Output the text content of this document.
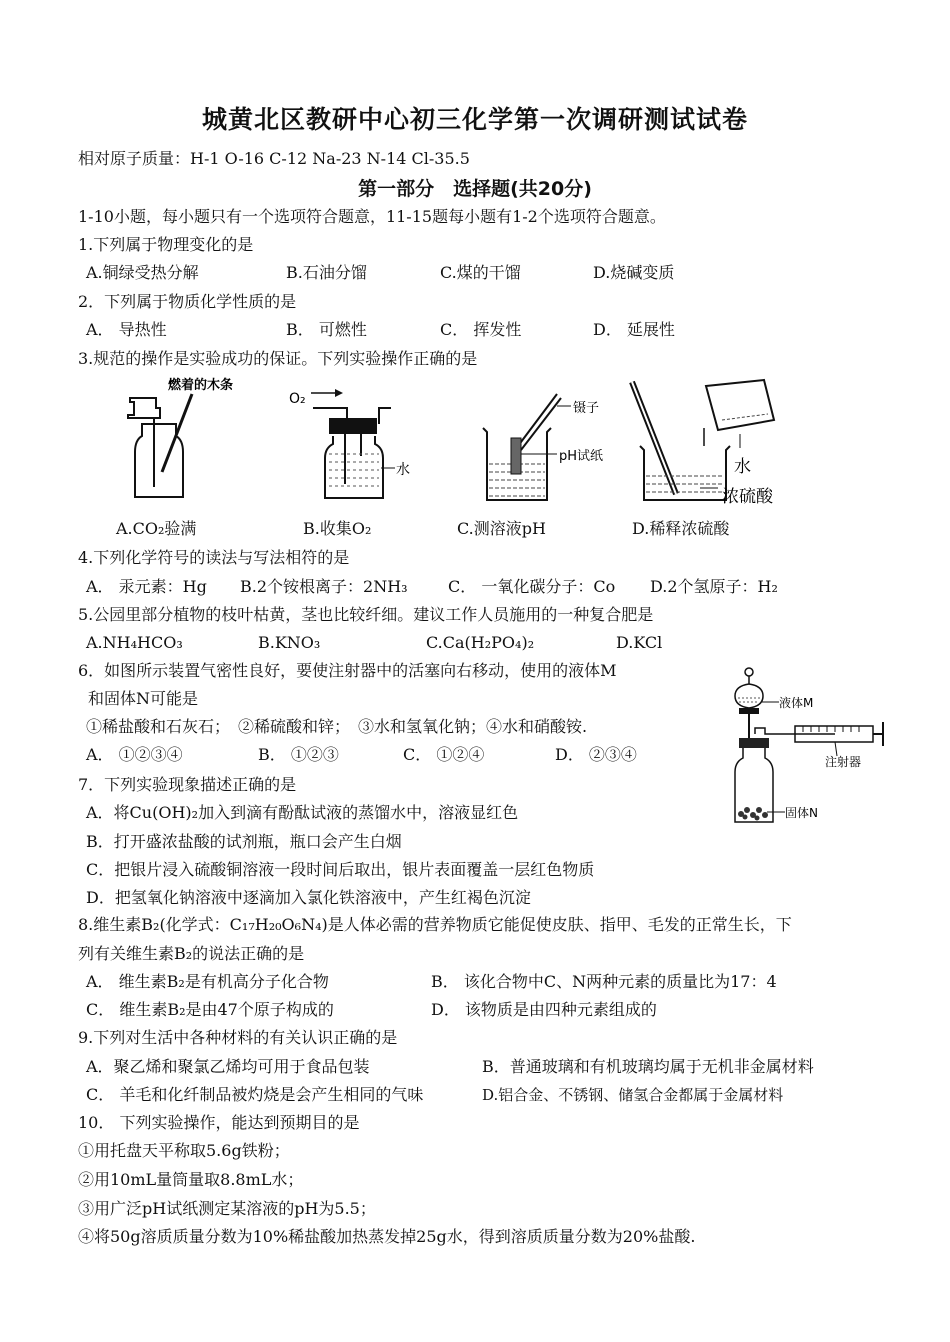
城黄北区教研中心初三化学第一次调研测试试卷
相对原子质量：H-1 O-16 C-12 Na-23 N-14 Cl-35.5
第一部分　选择题(共20分)
1-10小题，每小题只有一个选项符合题意，11-15题每小题有1-2个选项符合题意。
1.下列属于物理变化的是
A.铜绿受热分解	B.石油分馏	C.煤的干馏	D.烧碱变质
2．下列属于物质化学性质的是
A． 导热性	B． 可燃性	C． 挥发性	D． 延展性
3.规范的操作是实验成功的保证。下列实验操作正确的是
燃着的木条
O₂
水
镊子
pH试纸
水
浓硫酸
A.CO₂验满	B.收集O₂	C.测溶液pH	D.稀释浓硫酸
4.下列化学符号的读法与写法相符的是
A． 汞元素：Hg B.2个铵根离子：2NH₃	C． 一氧化碳分子：Co D.2个氢原子：H₂
5.公园里部分植物的枝叶枯黄，茎也比较纤细。建议工作人员施用的一种复合肥是
A.NH₄HCO₃	B.KNO₃	C.Ca(H₂PO₄)₂	D.KCl
6．如图所示装置气密性良好，要使注射器中的活塞向右移动，使用的液体M
和固体N可能是
①稀盐酸和石灰石；　②稀硫酸和锌；　③水和氢氧化钠；④水和硝酸铵.
A． ①②③④	B． ①②③	C． ①②④	D． ②③④
液体M
注射器
固体N
7．下列实验现象描述正确的是
A．将Cu(OH)₂加入到滴有酚酞试液的蒸馏水中，溶液显红色
B．打开盛浓盐酸的试剂瓶，瓶口会产生白烟
C．把银片浸入硫酸铜溶液一段时间后取出，银片表面覆盖一层红色物质
D．把氢氧化钠溶液中逐滴加入氯化铁溶液中，产生红褐色沉淀
8.维生素B₂(化学式：C₁₇H₂₀O₆N₄)是人体必需的营养物质它能促使皮肤、指甲、毛发的正常生长，下
列有关维生素B₂的说法正确的是
A． 维生素B₂是有机高分子化合物	B． 该化合物中C、N两种元素的质量比为17：4
C． 维生素B₂是由47个原子构成的	D． 该物质是由四种元素组成的
9.下列对生活中各种材料的有关认识正确的是
A．聚乙烯和聚氯乙烯均可用于食品包装	B．普通玻璃和有机玻璃均属于无机非金属材料
C． 羊毛和化纤制品被灼烧是会产生相同的气味	D.铝合金、不锈钢、储氢合金都属于金属材料
10． 下列实验操作，能达到预期目的是
①用托盘天平称取5.6g铁粉；
②用10mL量筒量取8.8mL水；
③用广泛pH试纸测定某溶液的pH为5.5；
④将50g溶质质量分数为10%稀盐酸加热蒸发掉25g水，得到溶质质量分数为20%盐酸.
